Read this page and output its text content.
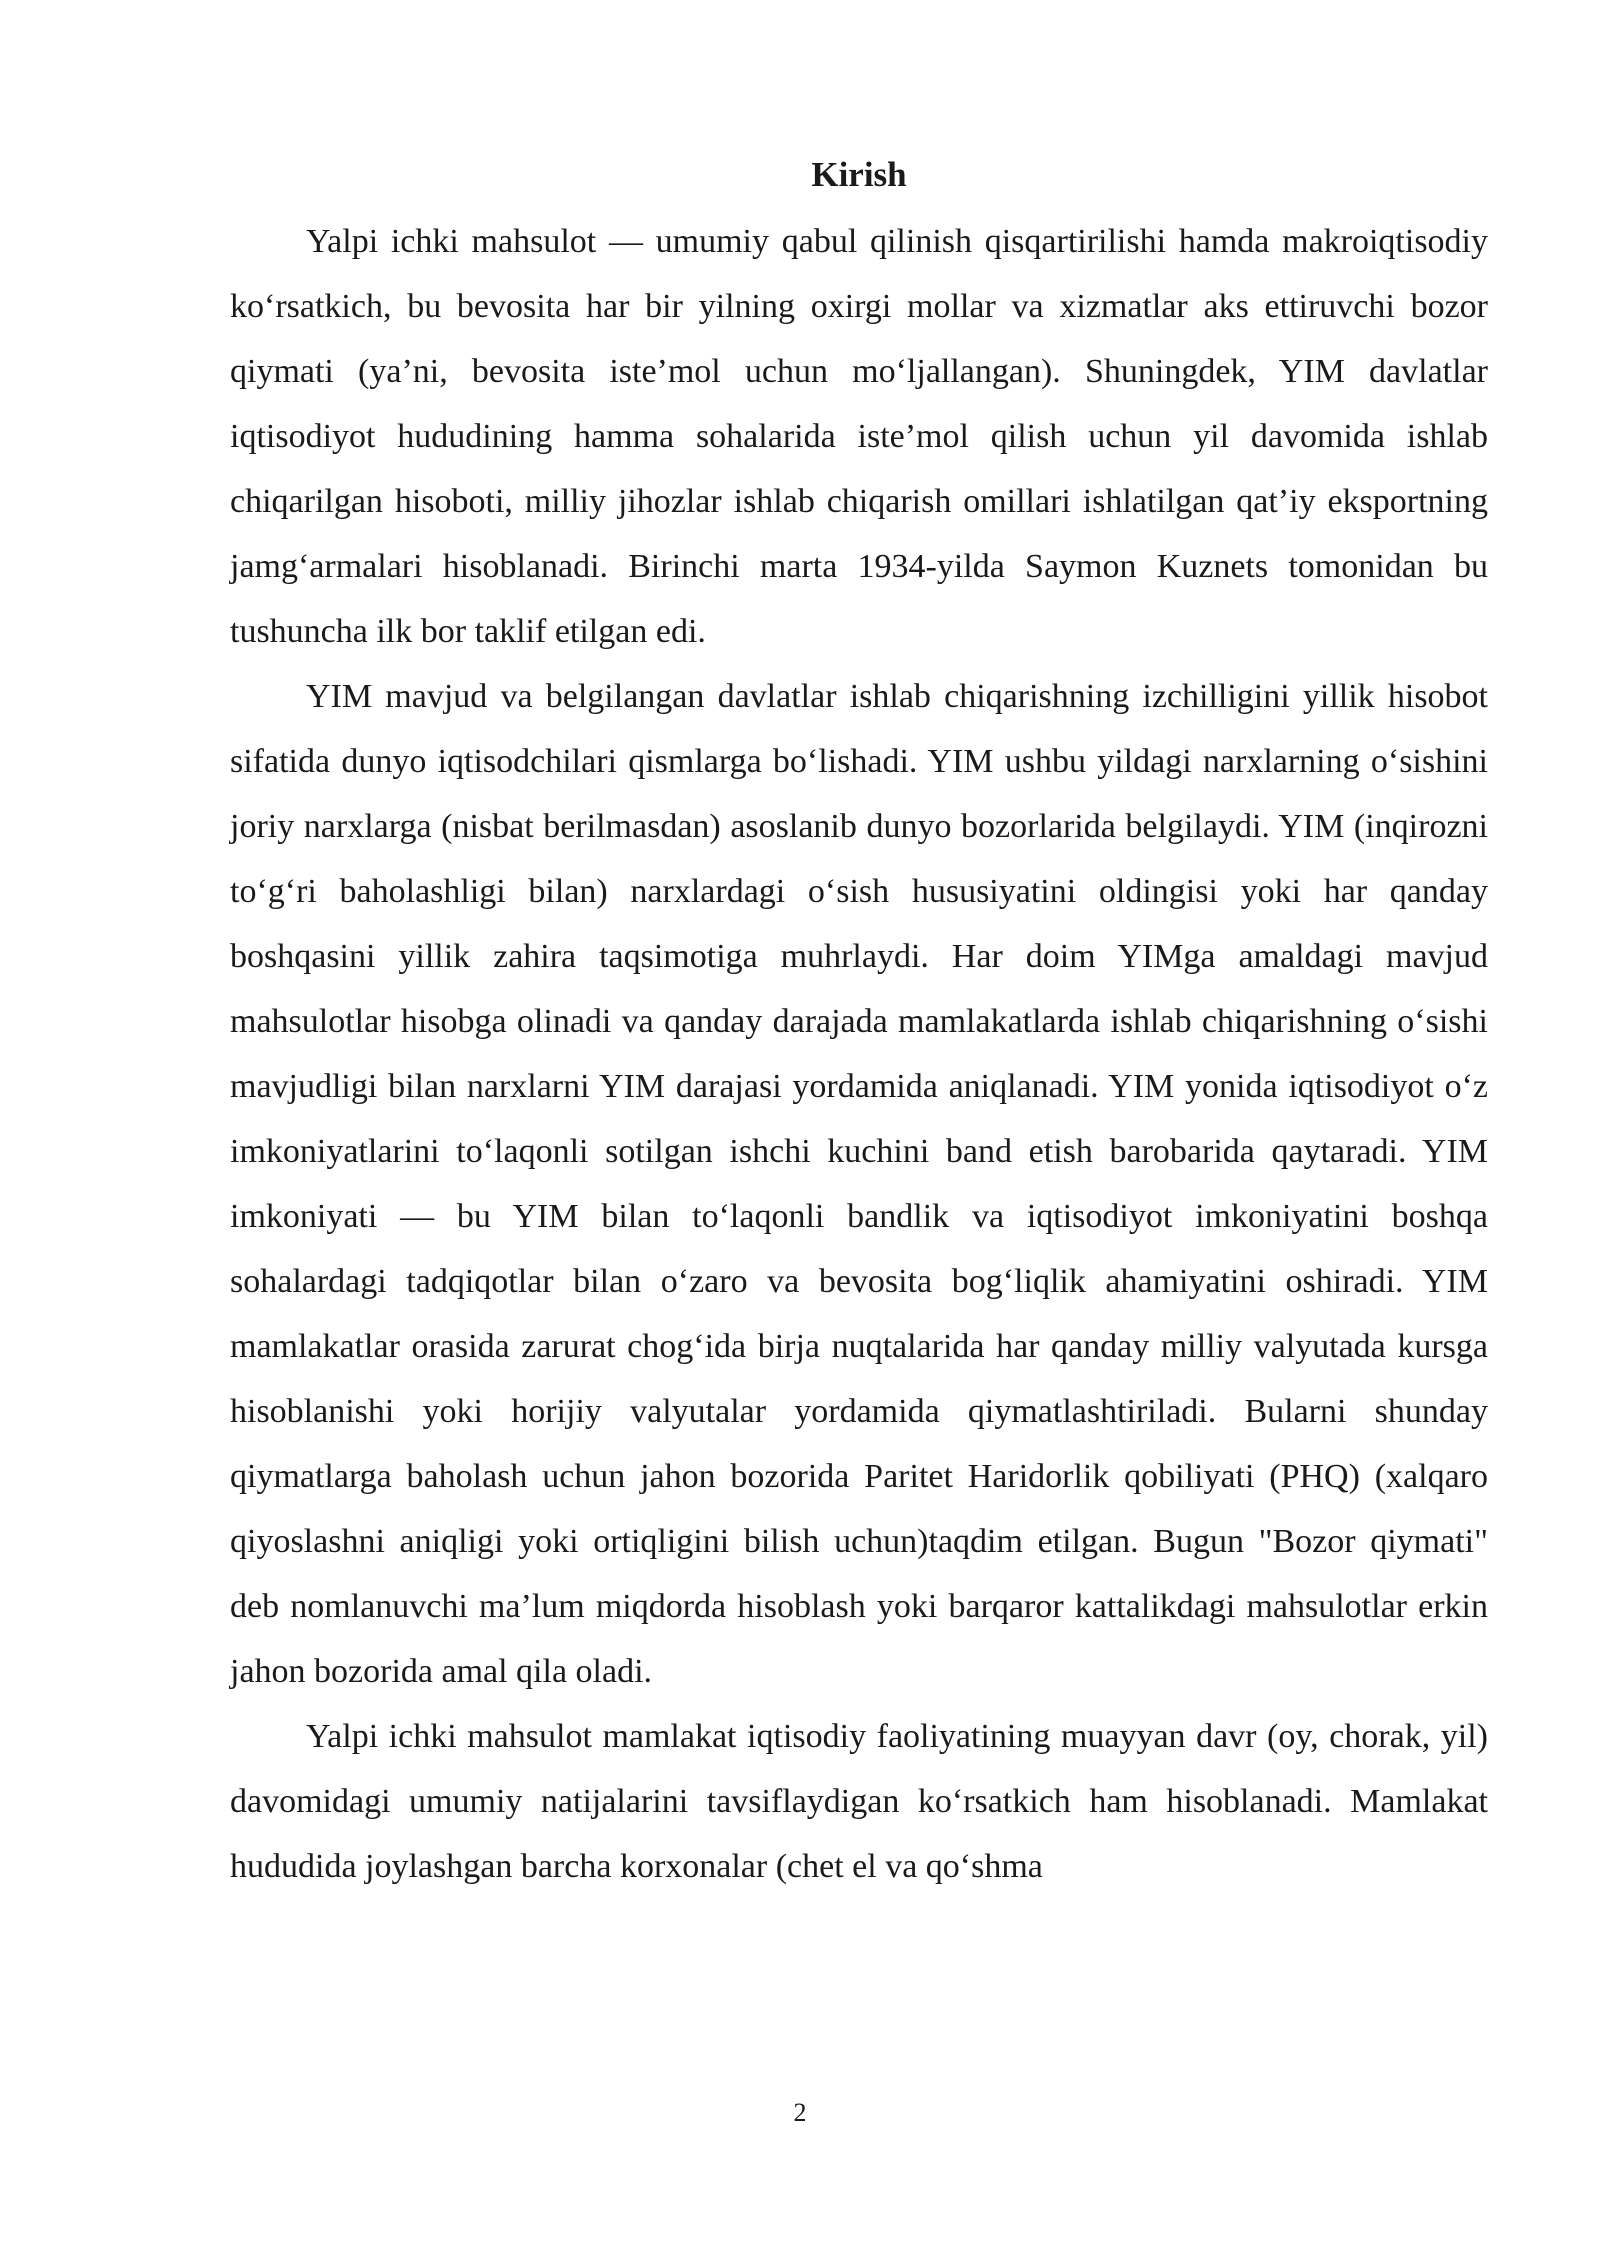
Kirish

Yalpi ichki mahsulot — umumiy qabul qilinish qisqartirilishi hamda makroiqtisodiy koʻrsatkich, bu bevosita har bir yilning oxirgi mollar va xizmatlar aks ettiruvchi bozor qiymati (ya’ni, bevosita iste’mol uchun moʻljallangan). Shuningdek, YIM davlatlar iqtisodiyot hududining hamma sohalarida iste’mol qilish uchun yil davomida ishlab chiqarilgan hisoboti, milliy jihozlar ishlab chiqarish omillari ishlatilgan qat’iy eksportning jamgʻarmalari hisoblanadi. Birinchi marta 1934-yilda Saymon Kuznets tomonidan bu tushuncha ilk bor taklif etilgan edi.

YIM mavjud va belgilangan davlatlar ishlab chiqarishning izchilligini yillik hisobot sifatida dunyo iqtisodchilari qismlarga boʻlishadi. YIM ushbu yildagi narxlarning oʻsishini joriy narxlarga (nisbat berilmasdan) asoslanib dunyo bozorlarida belgilaydi. YIM (inqirozni toʻgʻri baholashligi bilan) narxlardagi oʻsish hususiyatini oldingisi yoki har qanday boshqasini yillik zahira taqsimotiga muhrlaydi. Har doim YIMga amaldagi mavjud mahsulotlar hisobga olinadi va qanday darajada mamlakatlarda ishlab chiqarishning oʻsishi mavjudligi bilan narxlarni YIM darajasi yordamida aniqlanadi. YIM yonida iqtisodiyot oʻz imkoniyatlarini toʻlaqonli sotilgan ishchi kuchini band etish barobarida qaytaradi. YIM imkoniyati — bu YIM bilan toʻlaqonli bandlik va iqtisodiyot imkoniyatini boshqa sohalardagi tadqiqotlar bilan oʻzaro va bevosita bogʻliqlik ahamiyatini oshiradi. YIM mamlakatlar orasida zarurat chogʻida birja nuqtalarida har qanday milliy valyutada kursga hisoblanishi yoki horijiy valyutalar yordamida qiymatlashtiriladi. Bularni shunday qiymatlarga baholash uchun jahon bozorida Paritet Haridorlik qobiliyati (PHQ) (xalqaro qiyoslashni aniqligi yoki ortiqligini bilish uchun)taqdim etilgan. Bugun "Bozor qiymati" deb nomlanuvchi ma’lum miqdorda hisoblash yoki barqaror kattalikdagi mahsulotlar erkin jahon bozorida amal qila oladi.

Yalpi ichki mahsulot mamlakat iqtisodiy faoliyatining muayyan davr (oy, chorak, yil) davomidagi umumiy natijalarini tavsiflaydigan koʻrsatkich ham hisoblanadi. Mamlakat hududida joylashgan barcha korxonalar (chet el va qoʻshma

2
